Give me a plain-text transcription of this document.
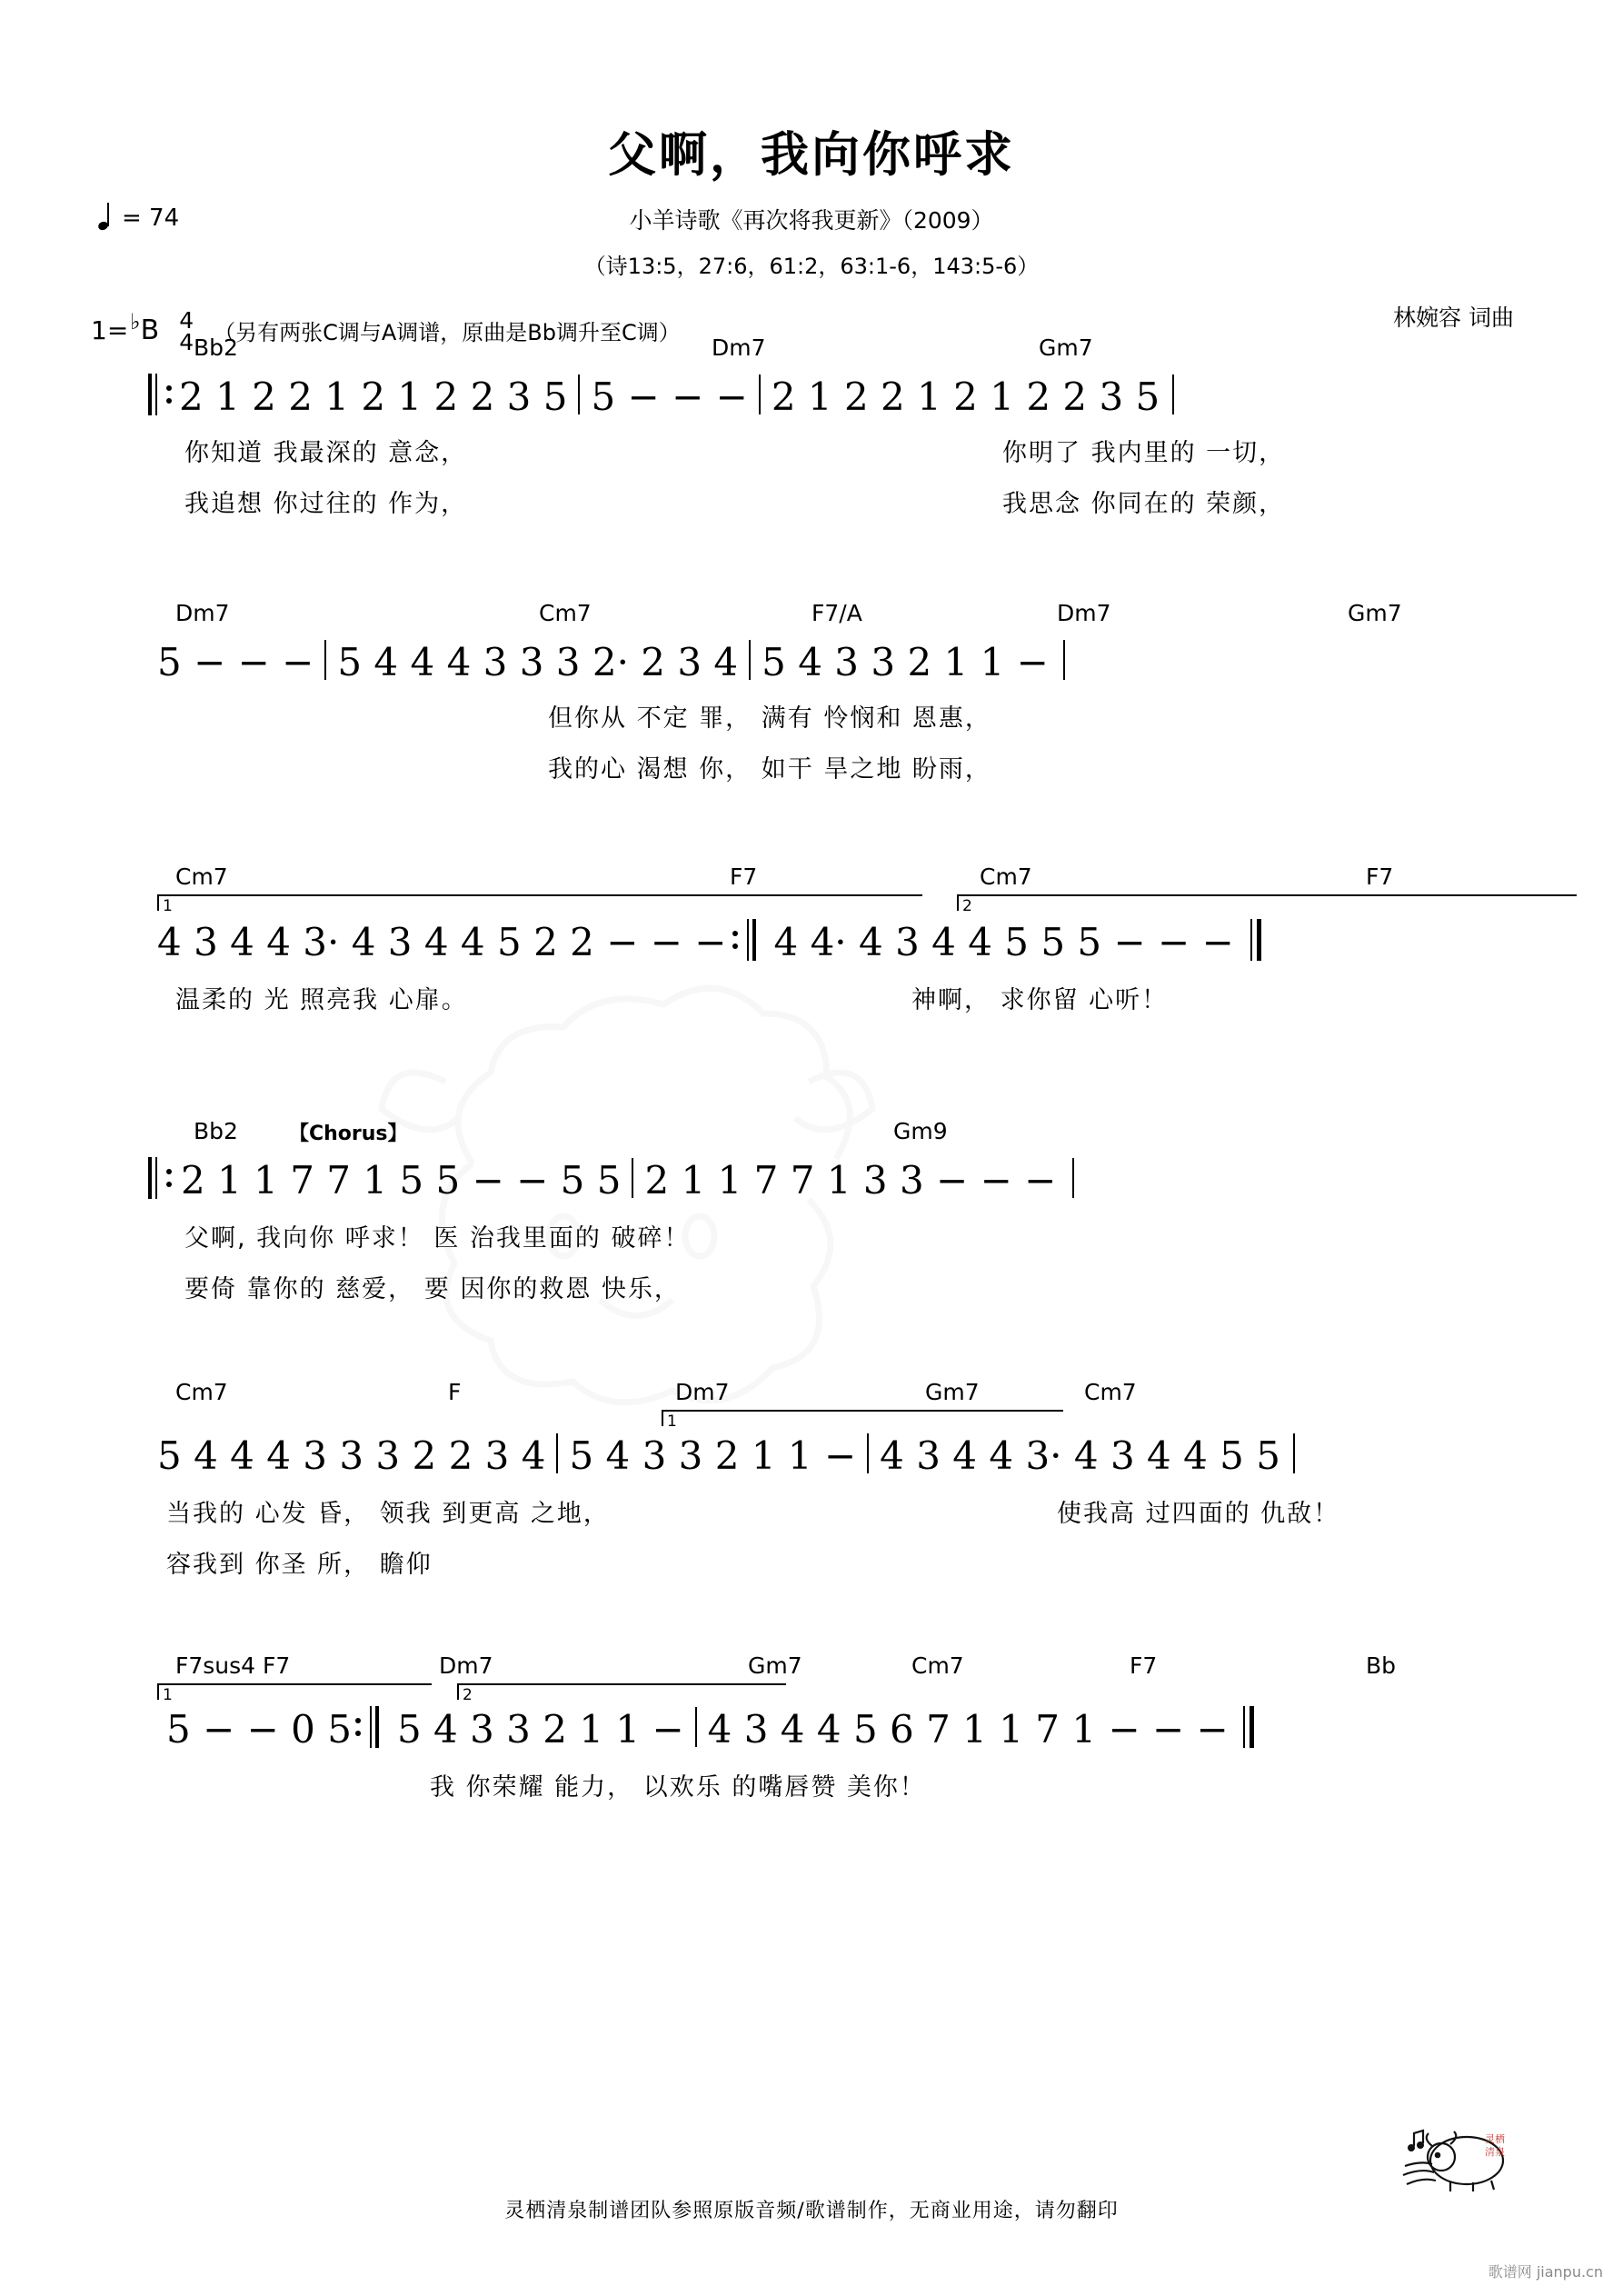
父啊，我向你呼求
小羊诗歌《再次将我更新》（2009）
（诗13:5，27:6，61:2，63:1-6，143:5-6）
林婉容 词曲
= 74
1= ♭ B 4
4 （另有两张C调与A调谱，原曲是Bb调升至C调）
Bb2	Dm7	Gm7
2 1 2 2 1 2 1 2 2 3 5 5 − − − 2 1 2 2 1 2 1 2 2 3 5
你知道 我最深的 意念，	你明了 我内里的 一切，
我追想 你过往的 作为，	我思念 你同在的 荣颜，
Dm7	Cm7	F7/A	Dm7	Gm7
5 − − − 5 4 4 4 3 3 3 2· 2 3 4 5 4 3 3 2 1 1 −
但你从 不定 罪， 满有 怜悯和 恩惠，
我的心 渴想 你， 如干 旱之地 盼雨，
Cm7	F7	Cm7	F7
1	2
4 3 4 4 3· 4 3 4 4 5 2 2 − − − 4 4· 4 3 4 4 5 5 5 − − −
温柔的 光 照亮我 心扉。	神啊， 求你留 心听！
Bb2	【Chorus】	Gm9
2 1 1 7 7 1 5 5 − − 5 5 2 1 1 7 7 1 3 3 − − −
父啊, 我向你 呼求！ 医 治我里面的 破碎！
要倚 靠你的 慈爱， 要 因你的救恩 快乐，
Cm7	F	Dm7	Gm7	Cm7
1
5 4 4 4 3 3 3 2 2 3 4 5 4 3 3 2 1 1 − 4 3 4 4 3· 4 3 4 4 5 5
当我的 心发 昏， 领我 到更高 之地，	使我高 过四面的 仇敌！
容我到 你圣 所， 瞻仰
F7sus4 F7	Dm7	Gm7	Cm7	F7	Bb
1	2
5 − − 0 5 5 4 3 3 2 1 1 − 4 3 4 4 5 6 7 1 1 7 1 − − −
我 你荣耀 能力， 以欢乐 的嘴唇赞 美你！
灵栖清泉制谱团队参照原版音频/歌谱制作，无商业用途，请勿翻印
灵栖
清泉
歌谱网 jianpu.cn
